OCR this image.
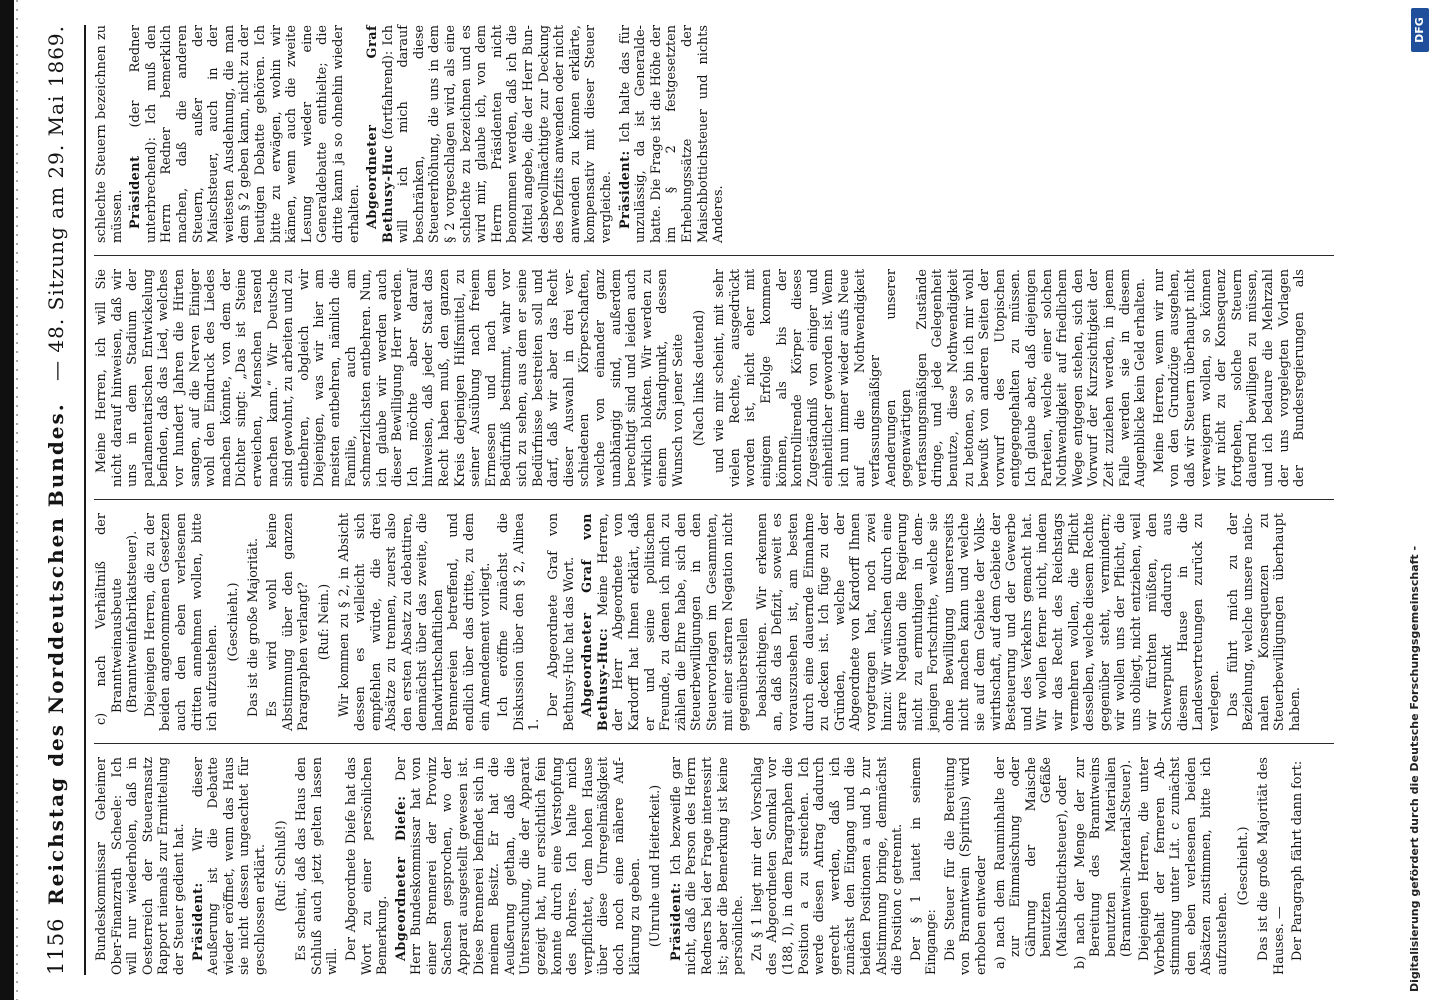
1156
Reichstag des Norddeutschen Bundes.
— 48. Sitzung am 29. Mai 1869.

Bundeskommissar Geheimer Ober-Finanzrath Scheele: Ich will nur wiederholen, daß in Oesterreich der Steueransatz Rapport niemals zur Ermittelung der Steuer gedient hat. Präsident: Wir dieser Aeußerung ist die Debatte wieder eröffnet, wenn das Haus sie nicht dessen ungeachtet für geschlossen erklärt. (Ruf: Schluß!) Es scheint, daß das Haus den Schluß auch jetzt gelten lassen will.

Der Abgeordnete Diefe hat das Wort zu einer persönlichen Bemerkung. Abgeordneter Diefe: Der Herr Bundeskommissar hat von einer Brennerei der Provinz Sachsen gesprochen, wo der Apparat ausgestellt gewesen ist. Diese Brennerei befindet sich in meinem Besitz. Er hat die Aeußerung gethan, daß die Untersuchung, die der Apparat gezeigt hat, nur ersichtlich fein konnte durch eine Verstopfung des Rohres. Ich halte mich verpflichtet, dem hohen Hause über diese Unregelmäßigkeit doch noch eine nähere Aufklärung zu geben. (Unruhe und Heiterkeit.) Präsident: Ich bezweifle gar nicht, daß die Person des Herrn Redners bei der Frage interessirt ist; aber die Bemerkung ist keine persönliche. Zu § 1 liegt mir der Vorschlag des Abgeordneten Sonnkal vor (188, I), in dem Paragraphen die Position a zu streichen. Ich werde diesen Antrag dadurch gerecht werden, daß ich zunächst den Eingang und die beiden Positionen a und b zur Abstimmung bringe, demnächst die Position c getrennt. Der § 1 lautet in seinem Eingange: Die Steuer für die Bereitung von Branntwein (Spiritus) wird erhoben entweder a) nach dem Rauminhalte der zur Einmaischung oder Gährung der Maische benutzten Gefäße (Maischbottichsteuer), oder b) nach der Menge der zur Bereitung des Branntweins benutzten Materialien (Branntwein-Material-Steuer). Diejenigen Herren, die unter Vorbehalt der ferneren Abstimmung unter Lit. c zunächst den eben verlesenen beiden Absätzen zustimmen, bitte ich aufzustehen.

(Geschieht.) Das ist die große Majorität des Hauses. — Der Paragraph fährt dann fort:

c) nach Verhältniß der Branntweinausbeute (Branntweinfabrikatsteuer). Diejenigen Herren, die zu der beiden angenommenen Gesetzen auch den eben verlesenen dritten annehmen wollen, bitte ich aufzustehen.

(Geschieht.) Das ist die große Majorität. Es wird wohl keine Abstimmung über den ganzen Paragraphen verlangt? (Ruf: Nein.) Wir kommen zu § 2, in Absicht dessen es vielleicht sich empfehlen würde, die drei Absätze zu trennen, zuerst also den ersten Absatz zu debattiren, demnächst über das zweite, die landwirthschaftlichen Brennereien betreffend, und endlich über das dritte, zu dem ein Amendement vorliegt. Ich eröffne zunächst die Diskussion über den § 2, Alinea 1.

Der Abgeordnete Graf von Bethusy-Huc hat das Wort. Abgeordneter Graf von Bethusy-Huc: Meine Herren, der Herr Abgeordnete von Kardorff hat Ihnen erklärt, daß er und seine politischen Freunde, zu denen ich mich zu zählen die Ehre habe, sich den Steuerbewilligungen in den Steuervorlagen im Gesammten, mit einer starren Negation nicht gegenüberstellen beabsichtigen. Wir erkennen an, daß das Defizit, soweit es vorauszusehen ist, am besten durch eine dauernde Einnahme zu decken ist. Ich füge zu der Gründen, welche der Abgeordnete von Kardorff Ihnen vorgetragen hat, noch zwei hinzu: Wir wünschen durch eine starre Negation die Regierung nicht zu ermuthigen in demjenigen Fortschritte, welche sie ohne Bewilligung unsererseits nicht machen kann und welche sie auf dem Gebiete der Volkswirthschaft, auf dem Gebiete der Besteuerung und der Gewerbe und des Verkehrs gemacht hat. Wir wollen ferner nicht, indem wir das Recht des Reichstags vermehren wollen, die Pflicht desselben, welche diesem Rechte gegenüber steht, vermindern; wir wollen uns der Pflicht, die uns obliegt, nicht entziehen, weil wir fürchten müßten, den Schwerpunkt dadurch aus diesem Hause in die Landesvertretungen zurück zu verlegen. Das führt mich zu der Beziehung, welche unsere nationalen Konsequenzen zu Steuerbewilligungen überhaupt haben.

Meine Herren, ich will Sie nicht darauf hinweisen, daß wir uns in dem Stadium der parlamentarischen Entwickelung befinden, daß das Lied, welches vor hundert Jahren die Hirten sangen, auf die Nerven Einiger wohl den Eindruck des Liedes machen könnte, von dem der Dichter singt: „Das ist Steine erweichen, Menschen rasend machen kann.“ Wir Deutsche sind gewohnt, zu arbeiten und zu entbehren, obgleich wir Diejenigen, was wir hier am meisten entbehren, nämlich die Familie, auch am schmerzlichsten entbehren. Nun, ich glaube wir werden auch dieser Bewilligung Herr werden. Ich möchte aber darauf hinweisen, daß jeder Staat das Recht haben muß, den ganzen Kreis derjenigen Hilfsmittel, zu seiner Ausübung nach freiem Ermessen und nach dem Bedürfniß bestimmt, wahr vor sich zu sehen, aus dem er seine Bedürfnisse bestreiten soll und darf, daß wir aber das Recht dieser Auswahl in drei verschiedenen Körperschaften, welche von einander ganz unabhängig sind, außerdem berechtigt sind und leiden auch wirklich blokten. Wir werden zu einem Standpunkt, dessen Wunsch von jener Seite (Nach links deutend) und wie mir scheint, mit sehr vielen Rechte, ausgedrückt worden ist, nicht eher mit einigem Erfolge kommen können, als bis der kontrollirende Körper dieses Zugeständniß von einiger und einheitlicher geworden ist. Wenn ich nun immer wieder aufs Neue auf die Nothwendigkeit verfassungsmäßiger Aenderungen unserer gegenwärtigen verfassungsmäßigen Zustände dringe, und jede Gelegenheit benutze, diese Nothwendigkeit zu betonen, so bin ich mir wohl bewußt von anderen Seiten der vorwurf des Utopischen entgegengehalten zu müssen. Ich glaube aber, daß diejenigen Parteien, welche einer solchen Nothwendigkeit auf friedlichem Wege entgegen stehen, sich den Vorwurf der Kurzsichtigkeit der Zeit zuziehen werden, in jenem Falle werden sie in diesem Augenblicke kein Geld erhalten. Meine Herren, wenn wir nur von den Grundzüge ausgehen, daß wir Steuern überhaupt nicht verweigern wollen, so können wir nicht zu der Konsequenz fortgehen, solche Steuern dauernd bewilligen zu müssen, und ich bedaure die Mehrzahl der uns vorgelegten Vorlagen der Bundesregierungen als schlechte Steuern bezeichnen zu müssen. Präsident (der Redner unterbrechend): Ich muß den Herrn Redner bemerklich machen, daß die anderen Steuern, außer der Maischsteuer, auch in der weitesten Ausdehnung, die man dem § 2 geben kann, nicht zu der heutigen Debatte gehören. Ich bitte zu erwägen, wohin wir kämen, wenn auch die zweite Lesung wieder eine Generaldebatte enthielte; die dritte kann ja so ohnehin wieder erhalten. Abgeordneter Graf Bethusy-Huc (fortfahrend): Ich will ich mich darauf beschränken, diese Steuererhöhung, die uns in dem § 2 vorgeschlagen wird, als eine schlechte zu bezeichnen und es wird mir, glaube ich, von dem Herrn Präsidenten nicht benommen werden, daß ich die Mittel angebe, die der Herr Bundesbevollmächtigte zur Deckung des Defizits anwenden oder nicht anwenden zu können erklärte, kompensativ mit dieser Steuer vergleiche. Präsident: Ich halte das für unzulässig, da ist Generaldebatte. Die Frage ist die Höhe der im § 2 festgesetzten Erhebungssätze der Maischbottichsteuer und nichts Anderes.

Digitalisierung gefördert durch die Deutsche Forschungsgemeinschaft -
DFG
